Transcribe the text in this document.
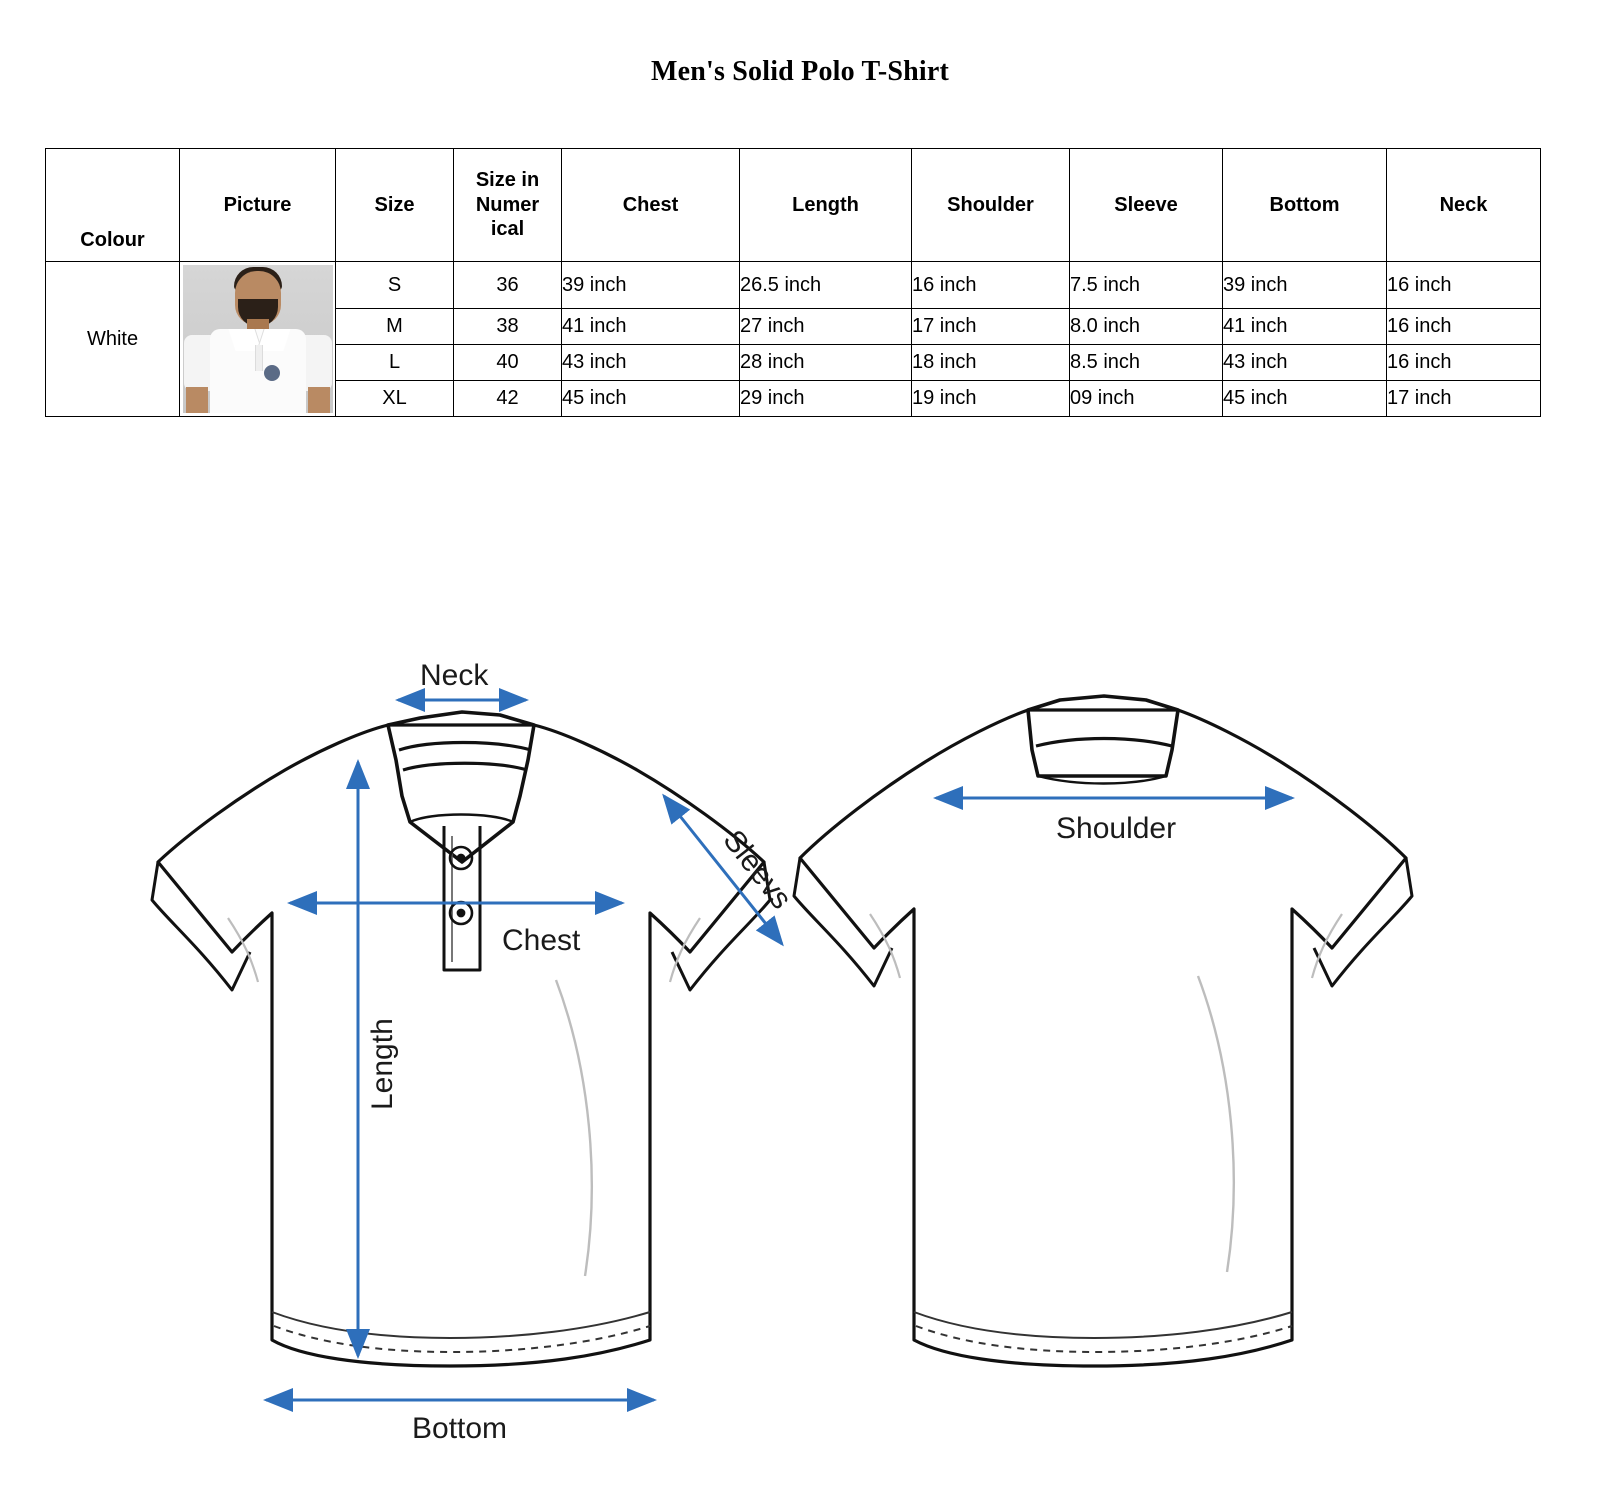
Men's Solid Polo T-Shirt
Colour	Picture	Size	Size in
Numer
ical	Chest	Length	Shoulder	Sleeve	Bottom	Neck
White		S	36	39 inch	26.5 inch	16 inch	7.5 inch	39 inch	16 inch
		M	38	41 inch	27 inch	17 inch	8.0 inch	41 inch	16 inch
		L	40	43 inch	28 inch	18 inch	8.5 inch	43 inch	16 inch
		XL	42	45 inch	29 inch	19 inch	09 inch	45 inch	17 inch
Neck
Chest
Length
Sleevs
Bottom
Shoulder
